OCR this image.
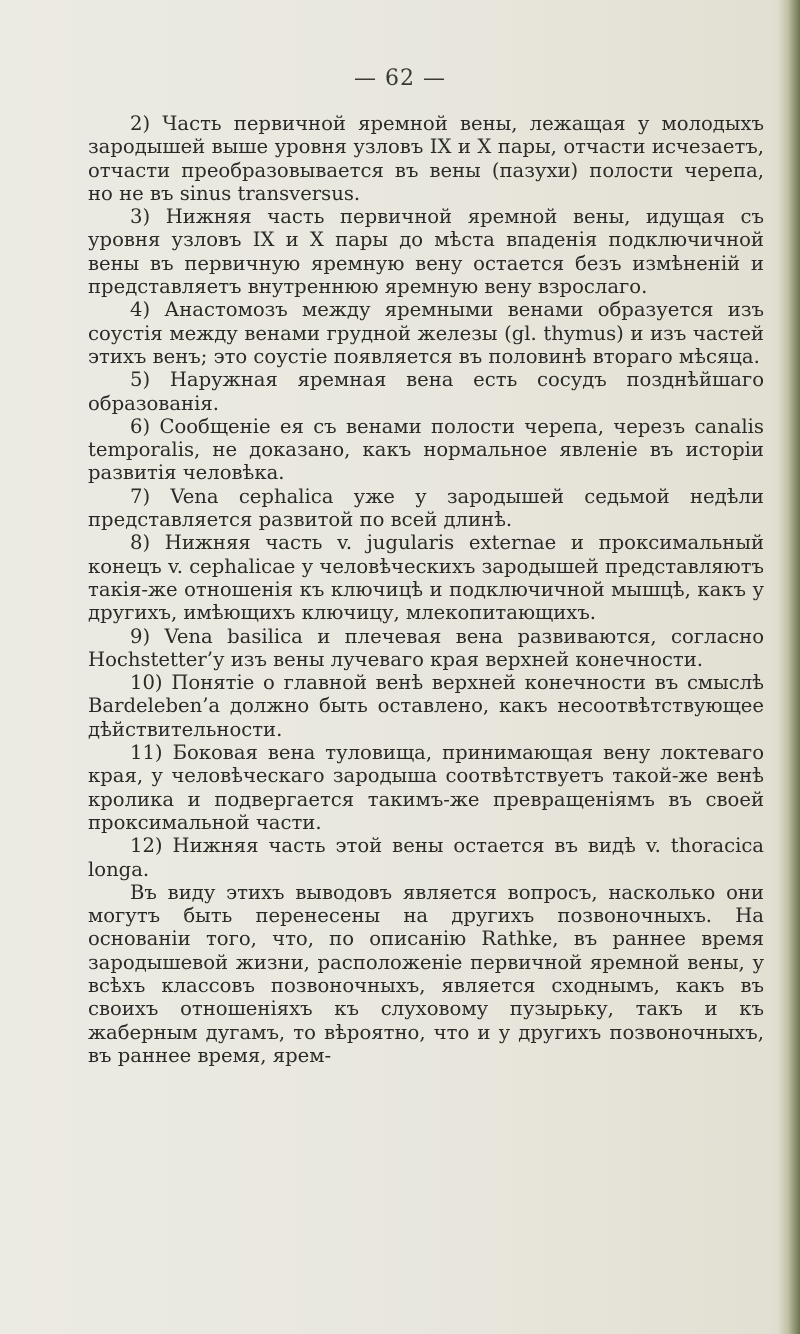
— 62 —

2) Часть первичной яремной вены, лежащая у молодыхъ зародышей выше уровня узловъ IX и X пары, отчасти исчезаетъ, отчасти преобразовывается въ вены (пазухи) полости черепа, но не въ sinus transversus.

3) Нижняя часть первичной яремной вены, идущая съ уровня узловъ IX и X пары до мѣста впаденія подключичной вены въ первичную яремную вену остается безъ измѣненій и представляетъ внутреннюю яремную вену взрослаго.

4) Анастомозъ между яремными венами образуется изъ соустія между венами грудной железы (gl. thymus) и изъ частей этихъ венъ; это соустіе появляется въ половинѣ втораго мѣсяца.

5) Наружная яремная вена есть сосудъ позднѣйшаго образованія.

6) Сообщеніе ея съ венами полости черепа, черезъ canalis temporalis, не доказано, какъ нормальное явленіе въ исторіи развитія человѣка.

7) Vena cephalica уже у зародышей седьмой недѣли представляется развитой по всей длинѣ.

8) Нижняя часть v. jugularis externae и проксимальный конецъ v. cephalicae у человѣческихъ зародышей представляютъ такія-же отношенія къ ключицѣ и подключичной мышцѣ, какъ у другихъ, имѣющихъ ключицу, млекопитающихъ.

9) Vena basilica и плечевая вена развиваются, согласно Hochstetter’у изъ вены лучеваго края верхней конечности.

10) Понятіе о главной венѣ верхней конечности въ смыслѣ Bardeleben’a должно быть оставлено, какъ несоотвѣтствующее дѣйствительности.

11) Боковая вена туловища, принимающая вену локтеваго края, у человѣческаго зародыша соотвѣтствуетъ такой-же венѣ кролика и подвергается такимъ-же превращеніямъ въ своей проксимальной части.

12) Нижняя часть этой вены остается въ видѣ v. thoracica longa.

Въ виду этихъ выводовъ является вопросъ, насколько они могутъ быть перенесены на другихъ позвоночныхъ. На основаніи того, что, по описанію Rathke, въ раннее время зародышевой жизни, расположеніе первичной яремной вены, у всѣхъ классовъ позвоночныхъ, является сходнымъ, какъ въ своихъ отношеніяхъ къ слуховому пузырьку, такъ и къ жаберным дугамъ, то вѣроятно, что и у другихъ позвоночныхъ, въ раннее время, ярем-
